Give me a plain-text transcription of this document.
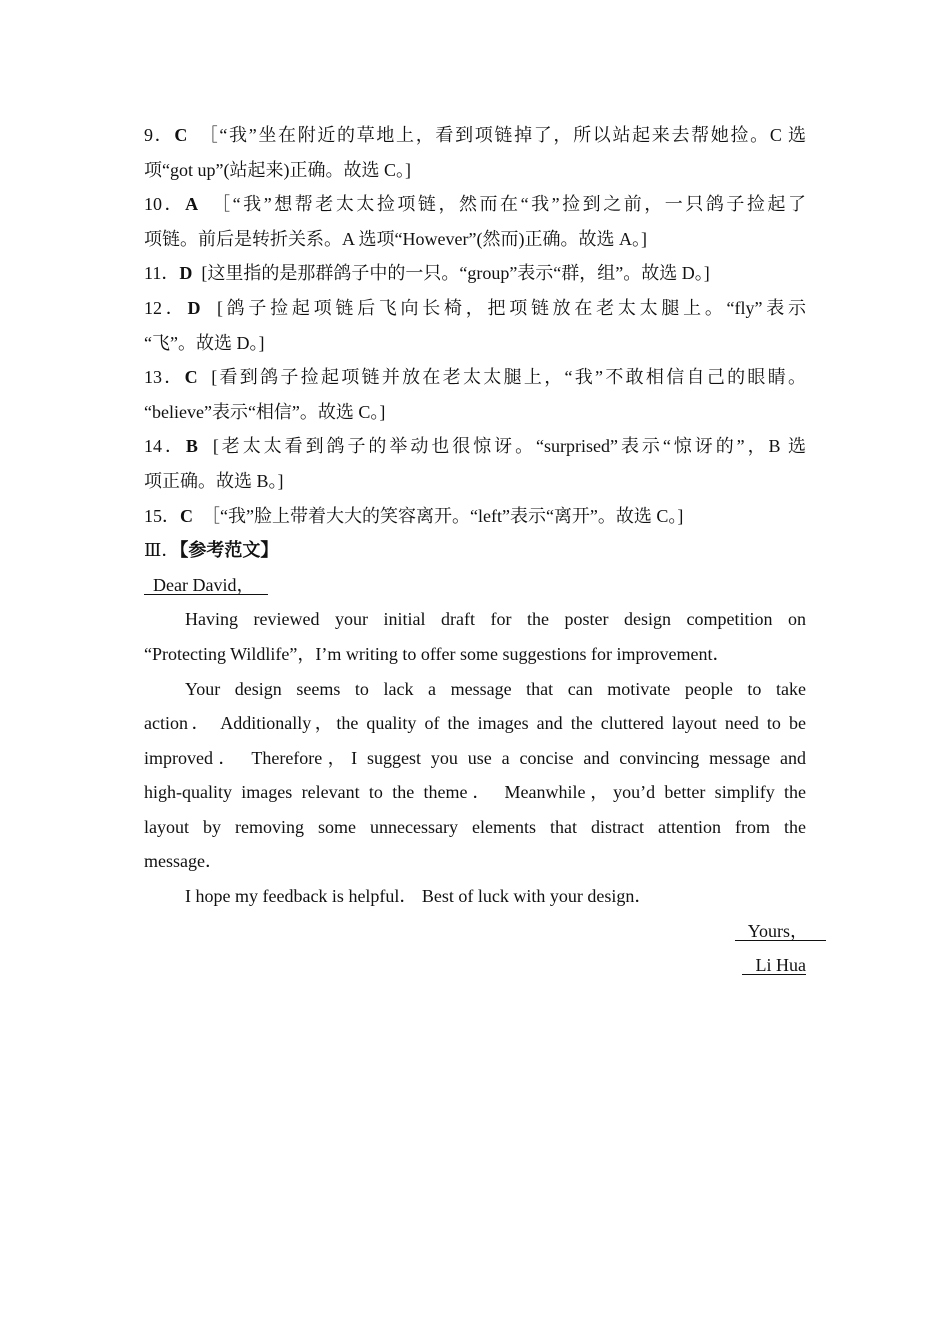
9．C ［“我”坐在附近的草地上，看到项链掉了，所以站起来去帮她捡。C 选
项“got up”(站起来)正确。故选 C。]
10．A ［“我”想帮老太太捡项链，然而在“我”捡到之前，一只鸽子捡起了
项链。前后是转折关系。A 选项“However”(然而)正确。故选 A。]
11．D [这里指的是那群鸽子中的一只。“group”表示“群，组”。故选 D。]
12．D [鸽子捡起项链后飞向长椅，把项链放在老太太腿上。“fly”表示
“飞”。故选 D。]
13．C [看到鸽子捡起项链并放在老太太腿上，“我”不敢相信自己的眼睛。
“believe”表示“相信”。故选 C。]
14．B [老太太看到鸽子的举动也很惊讶。“surprised”表示“惊讶的”，B 选
项正确。故选 B。]
15．C ［“我”脸上带着大大的笑容离开。“left”表示“离开”。故选 C。]
Ⅲ．【参考范文】
Dear David，
Having reviewed your initial draft for the poster design competition on
“Protecting Wildlife”，I’m writing to offer some suggestions for improvement．
Your design seems to lack a message that can motivate people to take
action． Additionally，the quality of the images and the cluttered layout need to be
improved． Therefore，I suggest you use a concise and convincing message and
high-quality images relevant to the theme． Meanwhile，you’d better simplify the
layout by removing some unnecessary elements that distract attention from the
message．
I hope my feedback is helpful． Best of luck with your design．
Yours，
Li Hua
